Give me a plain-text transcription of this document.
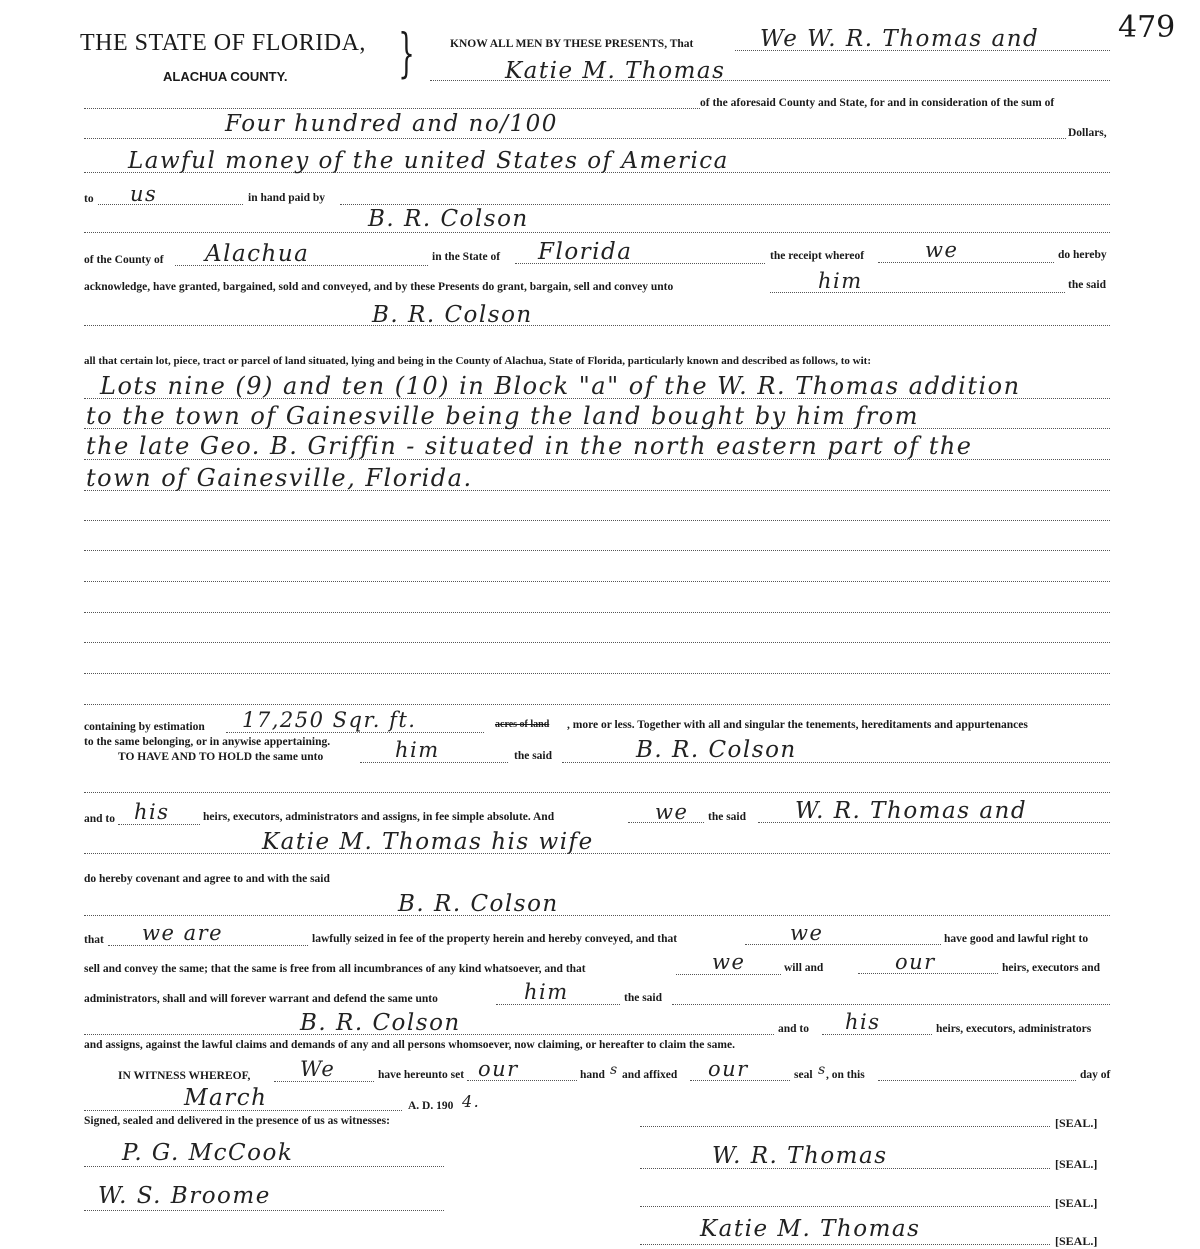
THE STATE OF FLORIDA, }
ALACHUA COUNTY.
479
KNOW ALL MEN BY THESE PRESENTS, That	We W. R. Thomas and
Katie M. Thomas
of the aforesaid County and State, for and in consideration of the sum of
Four hundred and no/100	Dollars,
Lawful money of the united States of America
to us	in hand paid by
B. R. Colson
of the County of Alachua	in the State of Florida	the receipt whereof	we	do hereby
acknowledge, have granted, bargained, sold and conveyed, and by these Presents do grant, bargain, sell and convey unto	him	the said
B. R. Colson
all that certain lot, piece, tract or parcel of land situated, lying and being in the County of Alachua, State of Florida, particularly known and described as follows, to wit:
Lots nine (9) and ten (10) in Block "a" of the W. R. Thomas addition
to the town of Gainesville being the land bought by him from
the late Geo. B. Griffin - situated in the north eastern part of the
town of Gainesville, Florida.
containing by estimation 17,250 Sqr. ft.	acres of land , more or less. Together with all and singular the tenements, hereditaments and appurtenances
to the same belonging, or in anywise appertaining.
TO HAVE AND TO HOLD the same unto	him	the said	B. R. Colson
and to his	heirs, executors, administrators and assigns, in fee simple absolute. And	we the said W. R. Thomas and
Katie M. Thomas his wife
do hereby covenant and agree to and with the said
B. R. Colson
that we are	lawfully seized in fee of the property herein and hereby conveyed, and that	we	have good and lawful right to
sell and convey the same; that the same is free from all incumbrances of any kind whatsoever, and that	we	will and	our	heirs, executors and
administrators, shall and will forever warrant and defend the same unto	him	the said
B. R. Colson	and to his	heirs, executors, administrators
and assigns, against the lawful claims and demands of any and all persons whomsoever, now claiming, or hereafter to claim the same.
IN WITNESS WHEREOF, We	have hereunto set our	hand s and affixed our	seal s , on this	day of
March	A. D. 190 4.
Signed, sealed and delivered in the presence of us as witnesses:	[SEAL.]
P. G. McCook	W. R. Thomas	[SEAL.]
W. S. Broome	[SEAL.]
Katie M. Thomas	[SEAL.]
